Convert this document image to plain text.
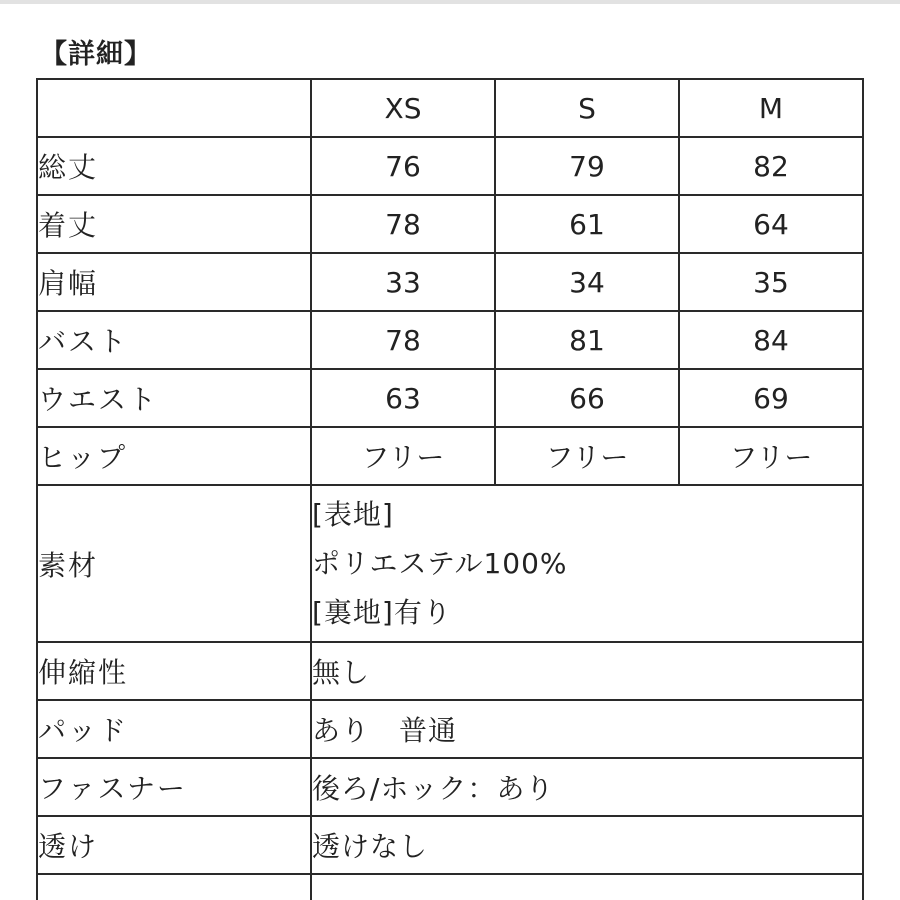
【詳細】
	XS	S	M
総丈	76	79	82
着丈	78	61	64
肩幅	33	34	35
バスト	78	81	84
ウエスト	63	66	69
ヒップ	フリー	フリー	フリー
素材	[表地]
ポリエステル100%
[裏地]有り		

伸縮性	無し		
パッド	あり　普通		
ファスナー	後ろ/ホック：あり		
透け	透けなし		
